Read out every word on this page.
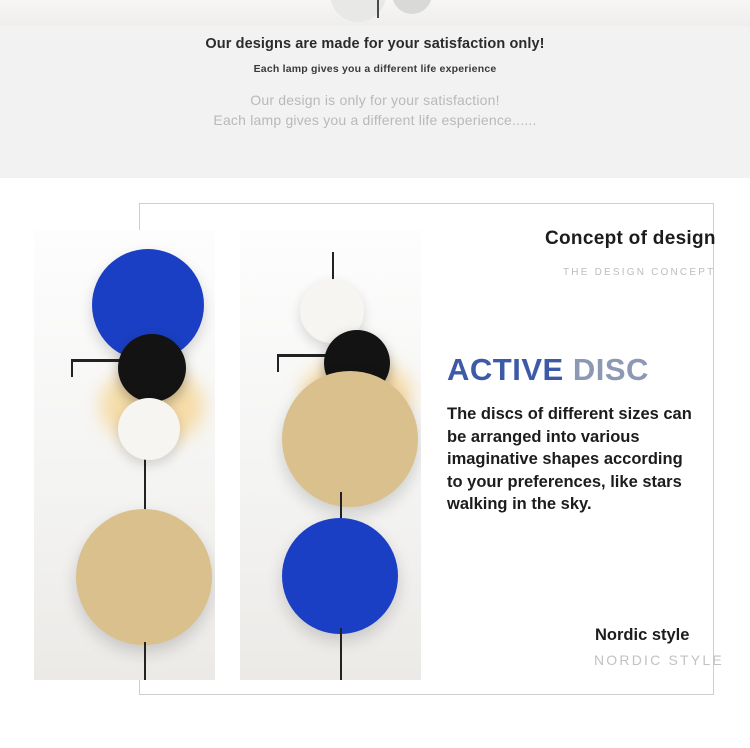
Our designs are made for your satisfaction only!
Each lamp gives you a different life experience
Our design is only for your satisfaction!
Each lamp gives you a different life esperience......
Concept of design
THE DESIGN CONCEPT
ACTIVE DISC
The discs of different sizes can be arranged into various imaginative shapes according to your preferences, like stars walking in the sky.
Nordic style
NORDIC STYLE
